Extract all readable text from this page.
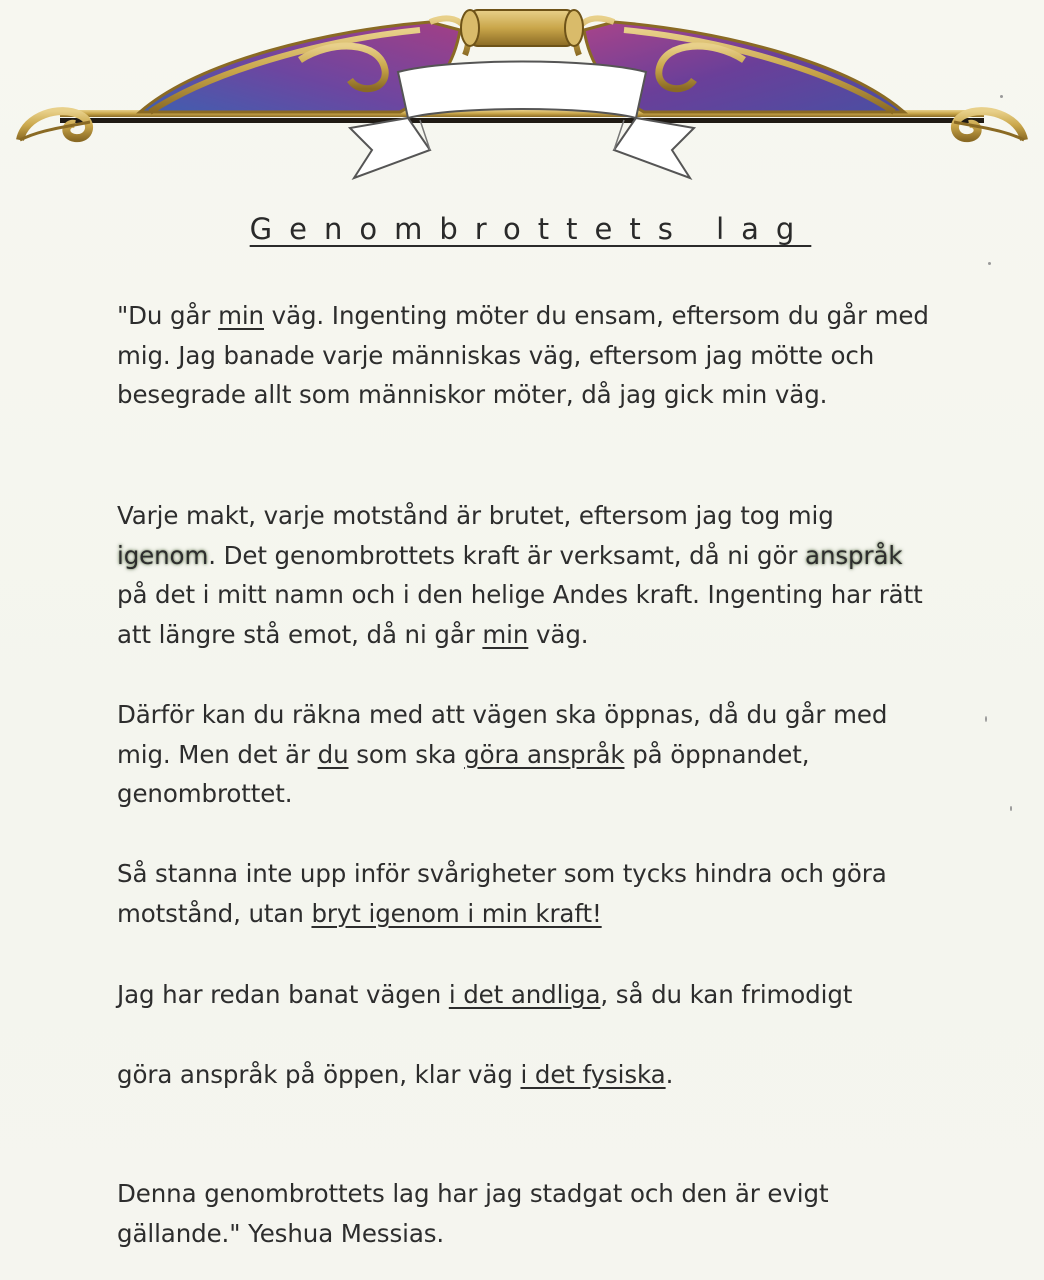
Genombrottets lag

"Du går min väg. Ingenting möter du ensam, eftersom du går med mig. Jag banade varje människas väg, eftersom jag mötte och besegrade allt som människor möter, då jag gick min väg.

Varje makt, varje motstånd är brutet, eftersom jag tog mig igenom. Det genombrottets kraft är verksamt, då ni gör anspråk på det i mitt namn och i den helige Andes kraft. Ingenting har rätt att längre stå emot, då ni går min väg.

Därför kan du räkna med att vägen ska öppnas, då du går med mig. Men det är du som ska göra anspråk på öppnandet, genombrottet.

Så stanna inte upp inför svårigheter som tycks hindra och göra motstånd, utan bryt igenom i min kraft!

Jag har redan banat vägen i det andliga, så du kan frimodigt

göra anspråk på öppen, klar väg i det fysiska.

Denna genombrottets lag har jag stadgat och den är evigt gällande." Yeshua Messias.
